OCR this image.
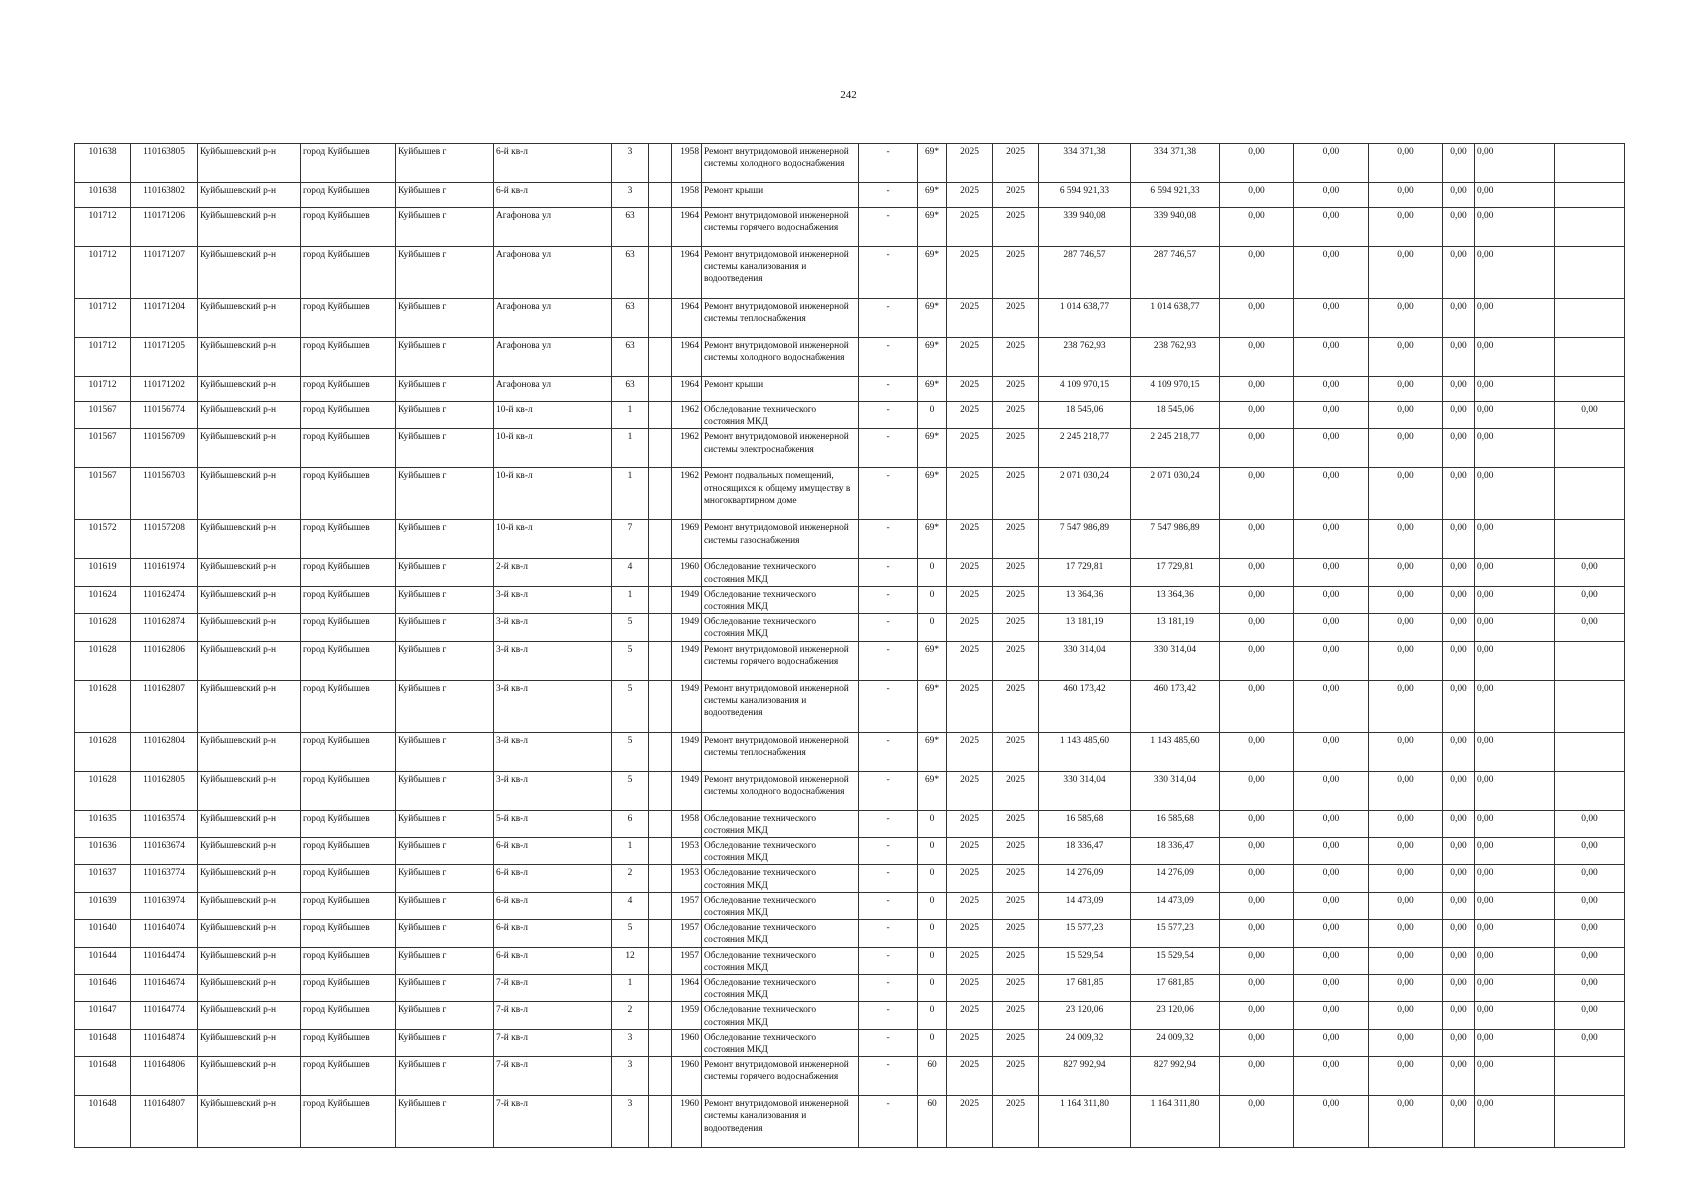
242
101638	110163805	Куйбышевский р-н	город Куйбышев	Куйбышев г	6-й кв-л	3		1958	Ремонт внутридомовой инженерной системы холодного водоснабжения	-	69*	2025	2025	334 371,38	334 371,38	0,00	0,00	0,00	0,00	0,00	
101638	110163802	Куйбышевский р-н	город Куйбышев	Куйбышев г	6-й кв-л	3		1958	Ремонт крыши	-	69*	2025	2025	6 594 921,33	6 594 921,33	0,00	0,00	0,00	0,00	0,00	
101712	110171206	Куйбышевский р-н	город Куйбышев	Куйбышев г	Агафонова ул	63		1964	Ремонт внутридомовой инженерной системы горячего водоснабжения	-	69*	2025	2025	339 940,08	339 940,08	0,00	0,00	0,00	0,00	0,00	
101712	110171207	Куйбышевский р-н	город Куйбышев	Куйбышев г	Агафонова ул	63		1964	Ремонт внутридомовой инженерной системы канализования и водоотведения	-	69*	2025	2025	287 746,57	287 746,57	0,00	0,00	0,00	0,00	0,00	
101712	110171204	Куйбышевский р-н	город Куйбышев	Куйбышев г	Агафонова ул	63		1964	Ремонт внутридомовой инженерной системы теплоснабжения	-	69*	2025	2025	1 014 638,77	1 014 638,77	0,00	0,00	0,00	0,00	0,00	
101712	110171205	Куйбышевский р-н	город Куйбышев	Куйбышев г	Агафонова ул	63		1964	Ремонт внутридомовой инженерной системы холодного водоснабжения	-	69*	2025	2025	238 762,93	238 762,93	0,00	0,00	0,00	0,00	0,00	
101712	110171202	Куйбышевский р-н	город Куйбышев	Куйбышев г	Агафонова ул	63		1964	Ремонт крыши	-	69*	2025	2025	4 109 970,15	4 109 970,15	0,00	0,00	0,00	0,00	0,00	
101567	110156774	Куйбышевский р-н	город Куйбышев	Куйбышев г	10-й кв-л	1		1962	Обследование технического состояния МКД	-	0	2025	2025	18 545,06	18 545,06	0,00	0,00	0,00	0,00	0,00	0,00
101567	110156709	Куйбышевский р-н	город Куйбышев	Куйбышев г	10-й кв-л	1		1962	Ремонт внутридомовой инженерной системы электроснабжения	-	69*	2025	2025	2 245 218,77	2 245 218,77	0,00	0,00	0,00	0,00	0,00	
101567	110156703	Куйбышевский р-н	город Куйбышев	Куйбышев г	10-й кв-л	1		1962	Ремонт подвальных помещений, относящихся к общему имуществу в многоквартирном доме	-	69*	2025	2025	2 071 030,24	2 071 030,24	0,00	0,00	0,00	0,00	0,00	
101572	110157208	Куйбышевский р-н	город Куйбышев	Куйбышев г	10-й кв-л	7		1969	Ремонт внутридомовой инженерной системы газоснабжения	-	69*	2025	2025	7 547 986,89	7 547 986,89	0,00	0,00	0,00	0,00	0,00	
101619	110161974	Куйбышевский р-н	город Куйбышев	Куйбышев г	2-й кв-л	4		1960	Обследование технического состояния МКД	-	0	2025	2025	17 729,81	17 729,81	0,00	0,00	0,00	0,00	0,00	0,00
101624	110162474	Куйбышевский р-н	город Куйбышев	Куйбышев г	3-й кв-л	1		1949	Обследование технического состояния МКД	-	0	2025	2025	13 364,36	13 364,36	0,00	0,00	0,00	0,00	0,00	0,00
101628	110162874	Куйбышевский р-н	город Куйбышев	Куйбышев г	3-й кв-л	5		1949	Обследование технического состояния МКД	-	0	2025	2025	13 181,19	13 181,19	0,00	0,00	0,00	0,00	0,00	0,00
101628	110162806	Куйбышевский р-н	город Куйбышев	Куйбышев г	3-й кв-л	5		1949	Ремонт внутридомовой инженерной системы горячего водоснабжения	-	69*	2025	2025	330 314,04	330 314,04	0,00	0,00	0,00	0,00	0,00	
101628	110162807	Куйбышевский р-н	город Куйбышев	Куйбышев г	3-й кв-л	5		1949	Ремонт внутридомовой инженерной системы канализования и водоотведения	-	69*	2025	2025	460 173,42	460 173,42	0,00	0,00	0,00	0,00	0,00	
101628	110162804	Куйбышевский р-н	город Куйбышев	Куйбышев г	3-й кв-л	5		1949	Ремонт внутридомовой инженерной системы теплоснабжения	-	69*	2025	2025	1 143 485,60	1 143 485,60	0,00	0,00	0,00	0,00	0,00	
101628	110162805	Куйбышевский р-н	город Куйбышев	Куйбышев г	3-й кв-л	5		1949	Ремонт внутридомовой инженерной системы холодного водоснабжения	-	69*	2025	2025	330 314,04	330 314,04	0,00	0,00	0,00	0,00	0,00	
101635	110163574	Куйбышевский р-н	город Куйбышев	Куйбышев г	5-й кв-л	6		1958	Обследование технического состояния МКД	-	0	2025	2025	16 585,68	16 585,68	0,00	0,00	0,00	0,00	0,00	0,00
101636	110163674	Куйбышевский р-н	город Куйбышев	Куйбышев г	6-й кв-л	1		1953	Обследование технического состояния МКД	-	0	2025	2025	18 336,47	18 336,47	0,00	0,00	0,00	0,00	0,00	0,00
101637	110163774	Куйбышевский р-н	город Куйбышев	Куйбышев г	6-й кв-л	2		1953	Обследование технического состояния МКД	-	0	2025	2025	14 276,09	14 276,09	0,00	0,00	0,00	0,00	0,00	0,00
101639	110163974	Куйбышевский р-н	город Куйбышев	Куйбышев г	6-й кв-л	4		1957	Обследование технического состояния МКД	-	0	2025	2025	14 473,09	14 473,09	0,00	0,00	0,00	0,00	0,00	0,00
101640	110164074	Куйбышевский р-н	город Куйбышев	Куйбышев г	6-й кв-л	5		1957	Обследование технического состояния МКД	-	0	2025	2025	15 577,23	15 577,23	0,00	0,00	0,00	0,00	0,00	0,00
101644	110164474	Куйбышевский р-н	город Куйбышев	Куйбышев г	6-й кв-л	12		1957	Обследование технического состояния МКД	-	0	2025	2025	15 529,54	15 529,54	0,00	0,00	0,00	0,00	0,00	0,00
101646	110164674	Куйбышевский р-н	город Куйбышев	Куйбышев г	7-й кв-л	1		1964	Обследование технического состояния МКД	-	0	2025	2025	17 681,85	17 681,85	0,00	0,00	0,00	0,00	0,00	0,00
101647	110164774	Куйбышевский р-н	город Куйбышев	Куйбышев г	7-й кв-л	2		1959	Обследование технического состояния МКД	-	0	2025	2025	23 120,06	23 120,06	0,00	0,00	0,00	0,00	0,00	0,00
101648	110164874	Куйбышевский р-н	город Куйбышев	Куйбышев г	7-й кв-л	3		1960	Обследование технического состояния МКД	-	0	2025	2025	24 009,32	24 009,32	0,00	0,00	0,00	0,00	0,00	0,00
101648	110164806	Куйбышевский р-н	город Куйбышев	Куйбышев г	7-й кв-л	3		1960	Ремонт внутридомовой инженерной системы горячего водоснабжения	-	60	2025	2025	827 992,94	827 992,94	0,00	0,00	0,00	0,00	0,00	
101648	110164807	Куйбышевский р-н	город Куйбышев	Куйбышев г	7-й кв-л	3		1960	Ремонт внутридомовой инженерной системы канализования и водоотведения	-	60	2025	2025	1 164 311,80	1 164 311,80	0,00	0,00	0,00	0,00	0,00	
